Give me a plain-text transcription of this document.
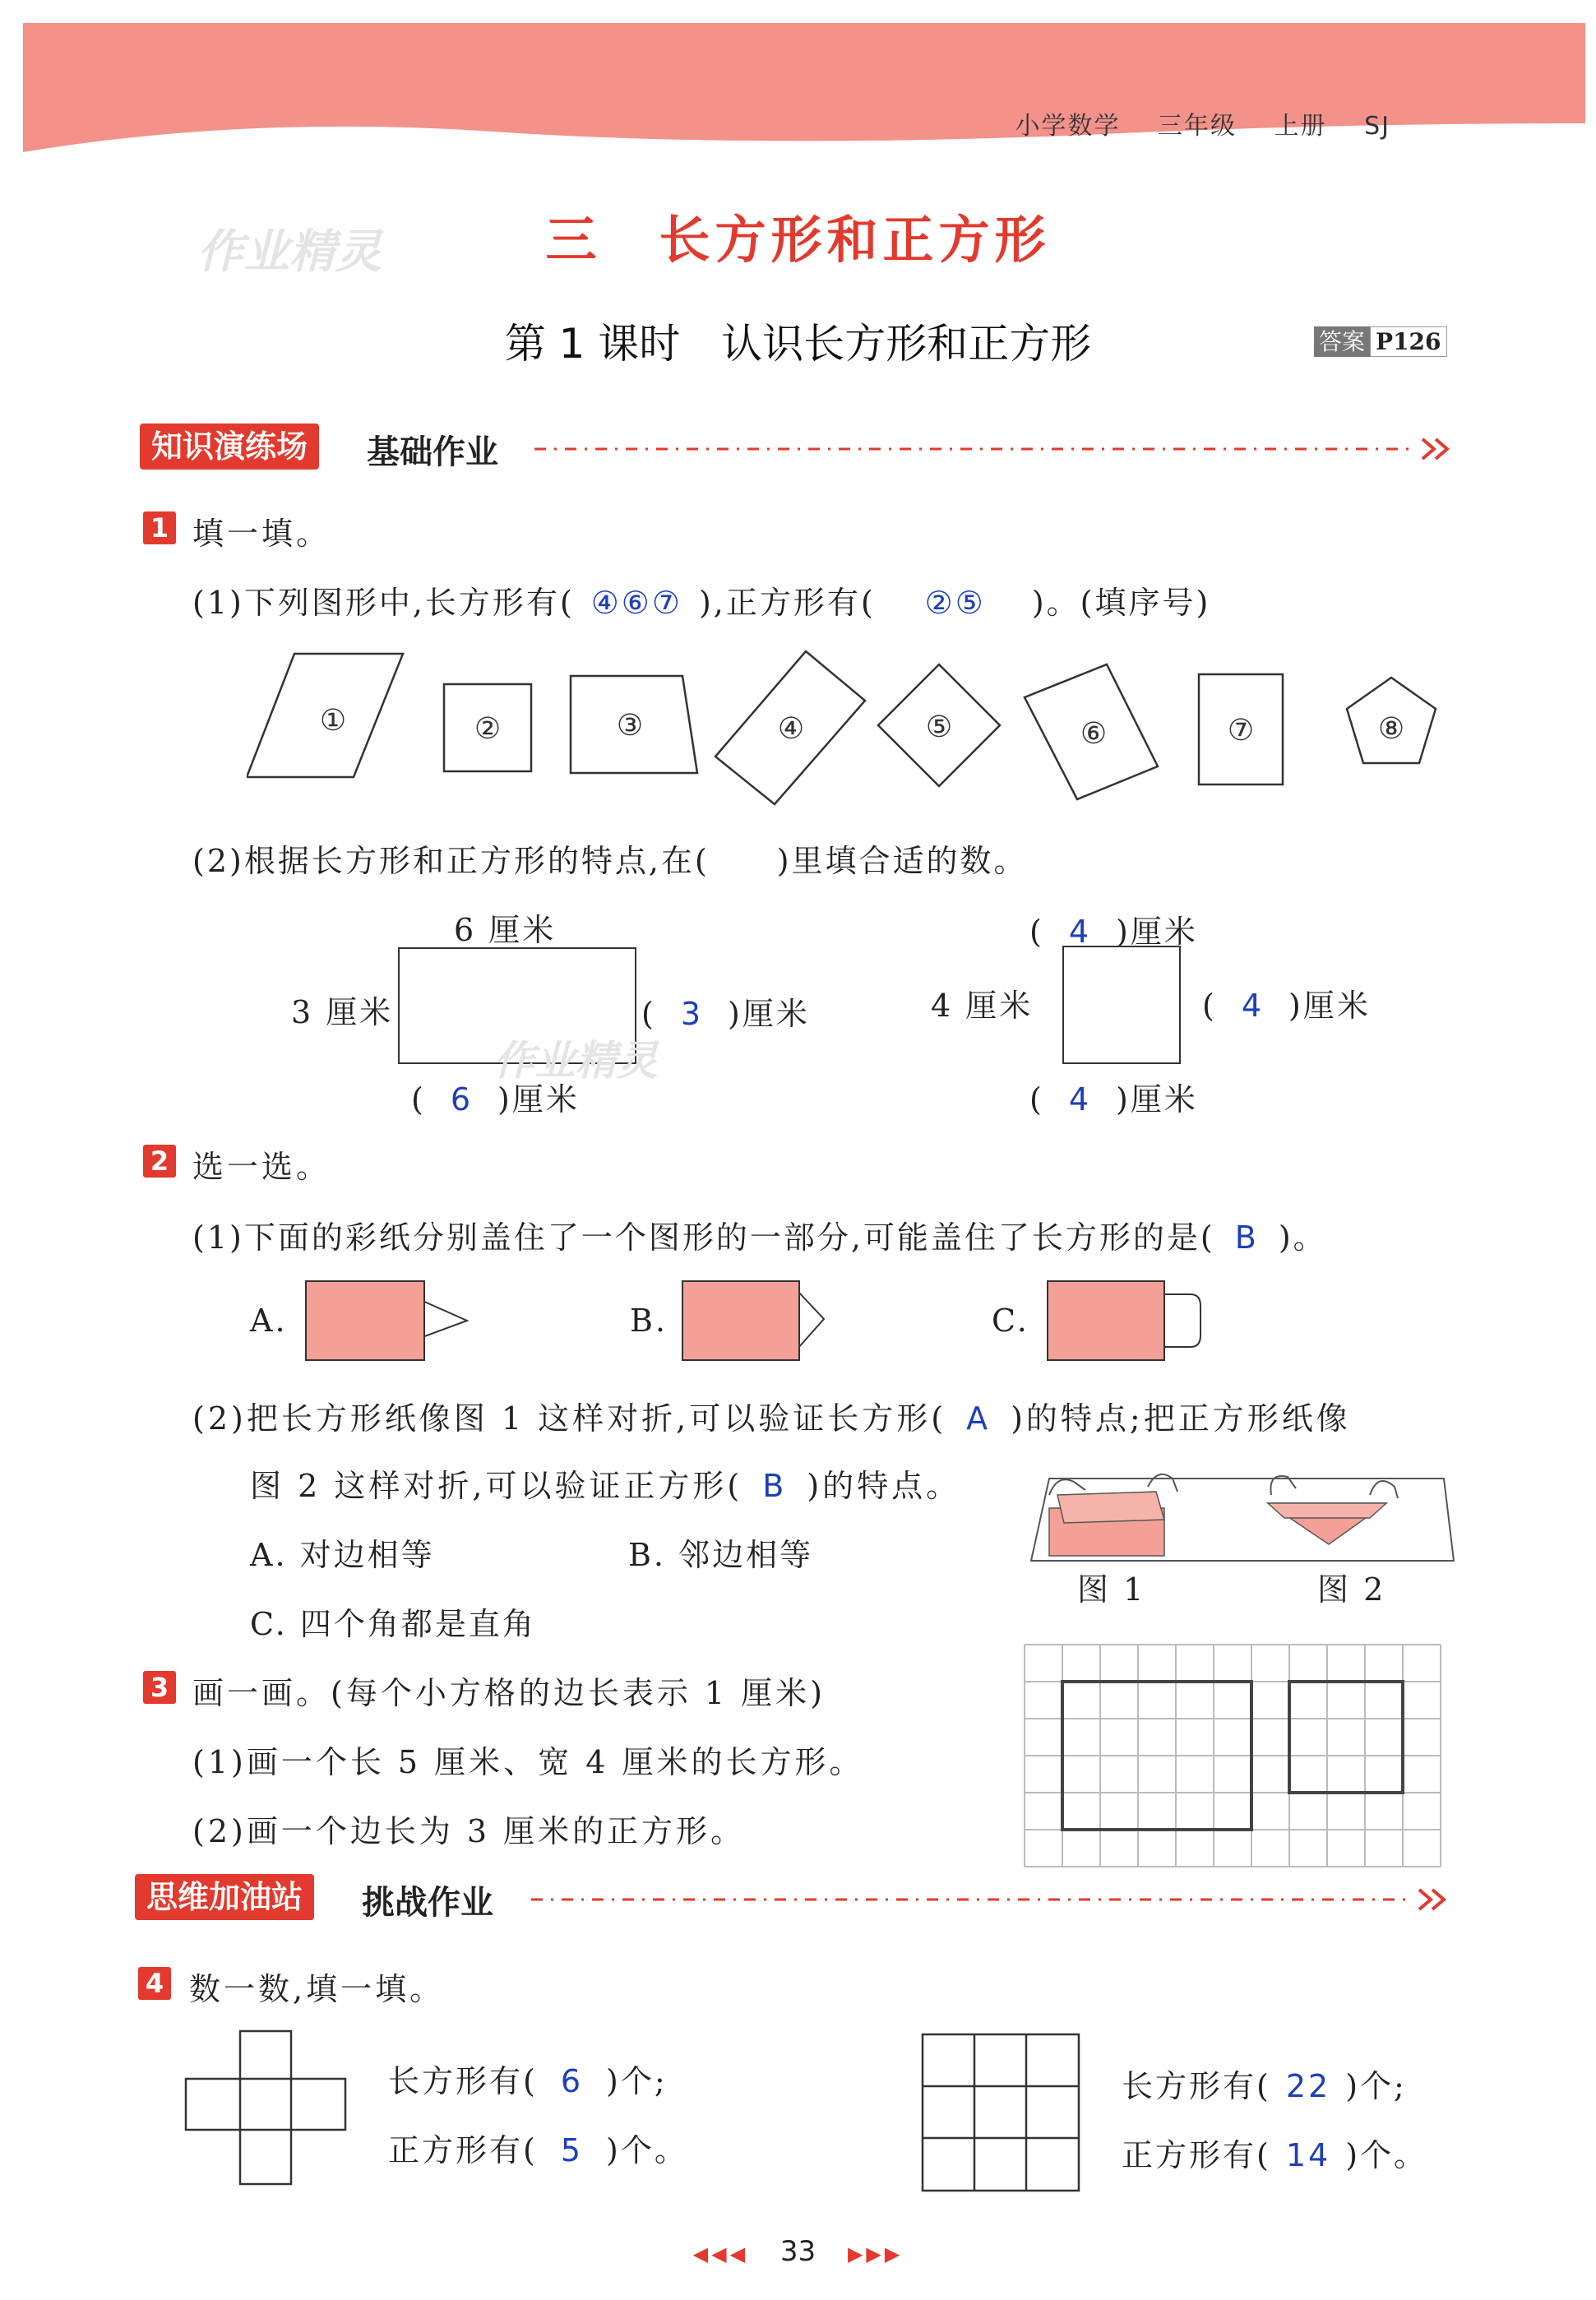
小学数学 三年级 上册 SJ
作业精灵	三 长方形和正方形
第 1 课时　认识长方形和正方形	答案 P126
知识演练场	基础作业
1 填一填。
(1)下列图形中,长方形有( ④⑥⑦ ),正方形有( ②⑤ )。(填序号)
①	②	③	④	⑤	⑥	⑦	⑧
(2)根据长方形和正方形的特点,在(　　)里填合适的数。
6 厘米
3 厘米	( 3 )厘米
( 6 )厘米
作业精灵
( 4 )厘米
4 厘米	( 4 )厘米
( 4 )厘米
2 选一选。
(1)下面的彩纸分别盖住了一个图形的一部分,可能盖住了长方形的是( B )。
A.	B.	C.
(2)把长方形纸像图 1 这样对折,可以验证长方形( A )的特点;把正方形纸像
图 2 这样对折,可以验证正方形( B )的特点。
A. 对边相等	B. 邻边相等
C. 四个角都是直角
图 1	图 2
3 画一画。(每个小方格的边长表示 1 厘米)
(1)画一个长 5 厘米、宽 4 厘米的长方形。
(2)画一个边长为 3 厘米的正方形。
思维加油站	挑战作业
4 数一数,填一填。
长方形有( 6 )个;
正方形有( 5 )个。
长方形有( 22 )个;
正方形有( 14 )个。
◀◀◀ 33 ▶▶▶
